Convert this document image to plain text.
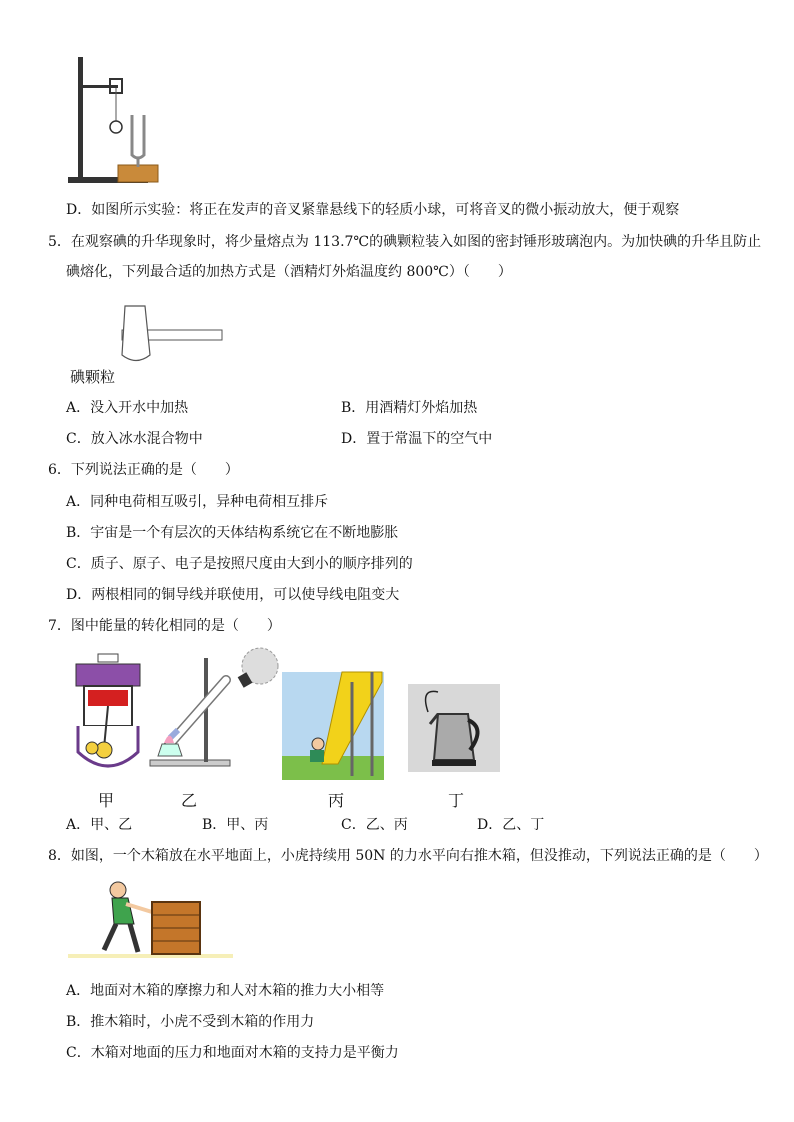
D．如图所示实验：将正在发声的音叉紧靠悬线下的轻质小球，可将音叉的微小振动放大，便于观察
5．在观察碘的升华现象时，将少量熔点为 113.7℃的碘颗粒装入如图的密封锤形玻璃泡内。为加快碘的升华且防止
碘熔化，下列最合适的加热方式是（酒精灯外焰温度约 800℃）（　　）
碘颗粒
A．没入开水中加热	B．用酒精灯外焰加热
C．放入冰水混合物中	D．置于常温下的空气中
6．下列说法正确的是（　　）
A．同种电荷相互吸引，异种电荷相互排斥
B．宇宙是一个有层次的天体结构系统它在不断地膨胀
C．质子、原子、电子是按照尺度由大到小的顺序排列的
D．两根相同的铜导线并联使用，可以使导线电阻变大
7．图中能量的转化相同的是（　　）
甲	乙	丙	丁
A．甲、乙	B．甲、丙	C．乙、丙	D．乙、丁
8．如图，一个木箱放在水平地面上，小虎持续用 50N 的力水平向右推木箱，但没推动，下列说法正确的是（　　）
A．地面对木箱的摩擦力和人对木箱的推力大小相等
B．推木箱时，小虎不受到木箱的作用力
C．木箱对地面的压力和地面对木箱的支持力是平衡力
